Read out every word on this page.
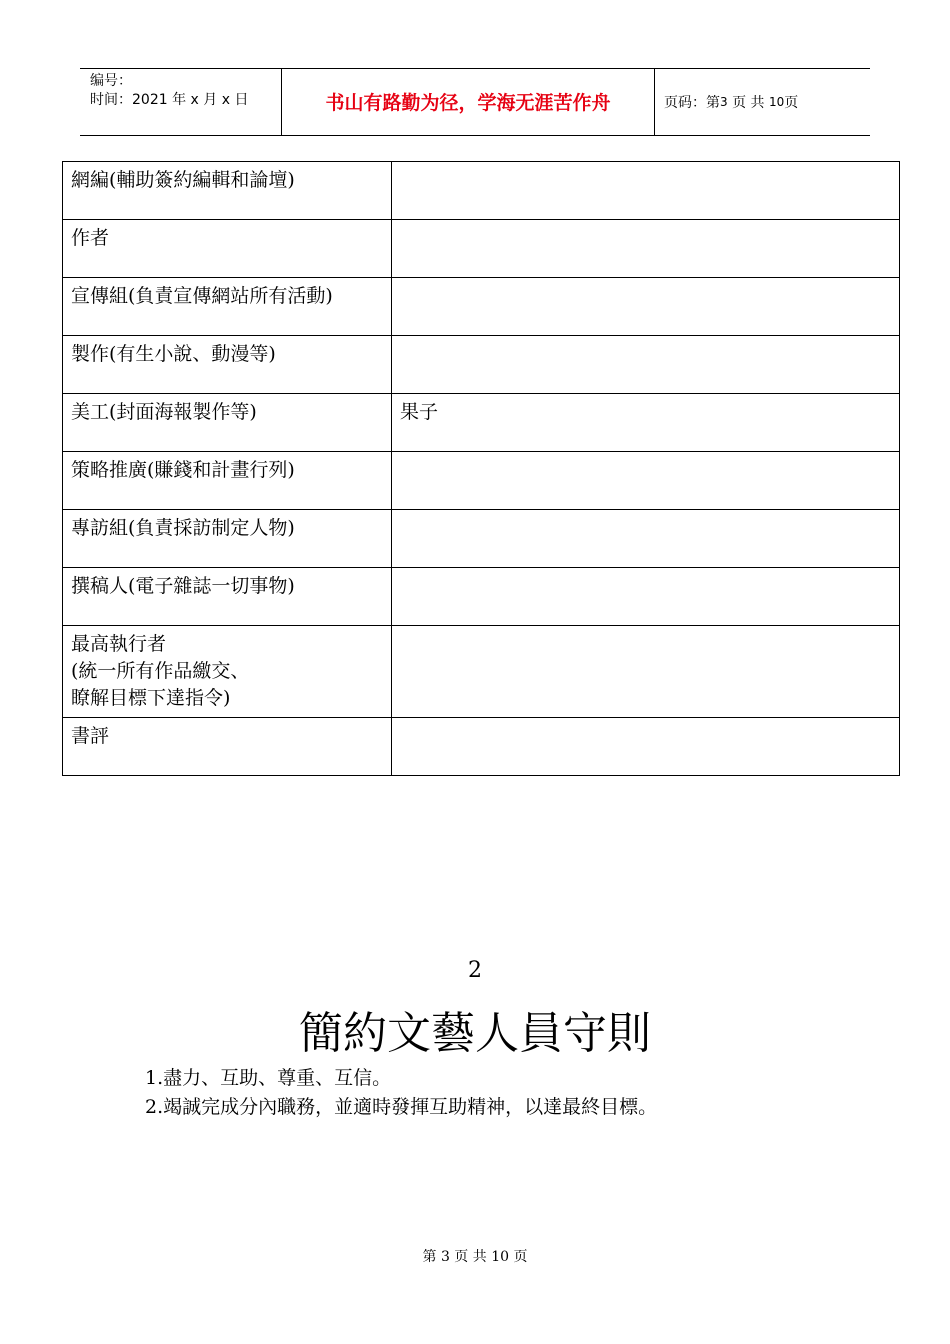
编号：
时间：2021 年 x 月 x 日	书山有路勤为径，学海无涯苦作舟	页码：第 3
页 共
10 页
網編(輔助簽約編輯和論壇)	
作者	
宣傳組(負責宣傳網站所有活動)	
製作(有生小說、動漫等)	
美工(封面海報製作等)	果子
策略推廣(賺錢和計畫行列)	
專訪組(負責採訪制定人物)	
撰稿人(電子雜誌一切事物)	

最高執行者
(統一所有作品繳交、
瞭解目標下達指令)	

書評	
2
簡約文藝人員守則
1.盡力、互助、尊重、互信。
2.竭誠完成分內職務，並適時發揮互助精神，以達最終目標。
第 3 页 共 10 页
